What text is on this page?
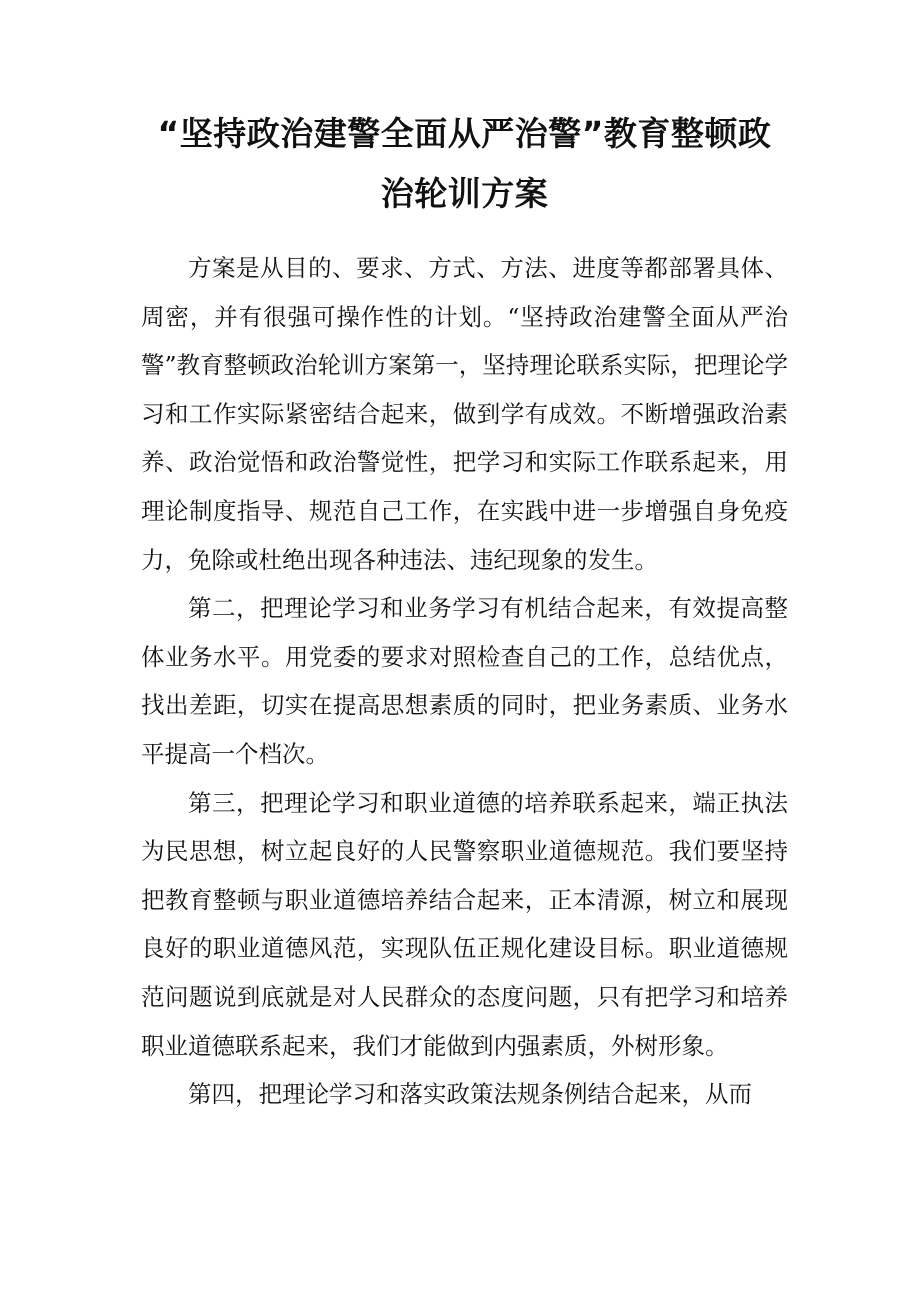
“坚持政治建警全面从严治警”教育整顿政治轮训方案

方案是从目的、要求、方式、方法、进度等都部署具体、周密，并有很强可操作性的计划。“坚持政治建警全面从严治警”教育整顿政治轮训方案第一，坚持理论联系实际，把理论学习和工作实际紧密结合起来，做到学有成效。不断增强政治素养、政治觉悟和政治警觉性，把学习和实际工作联系起来，用理论制度指导、规范自己工作，在实践中进一步增强自身免疫力，免除或杜绝出现各种违法、违纪现象的发生。

第二，把理论学习和业务学习有机结合起来，有效提高整体业务水平。用党委的要求对照检查自己的工作，总结优点，找出差距，切实在提高思想素质的同时，把业务素质、业务水平提高一个档次。

第三，把理论学习和职业道德的培养联系起来，端正执法为民思想，树立起良好的人民警察职业道德规范。我们要坚持把教育整顿与职业道德培养结合起来，正本清源，树立和展现良好的职业道德风范，实现队伍正规化建设目标。职业道德规范问题说到底就是对人民群众的态度问题，只有把学习和培养职业道德联系起来，我们才能做到内强素质，外树形象。

第四，把理论学习和落实政策法规条例结合起来，从而
